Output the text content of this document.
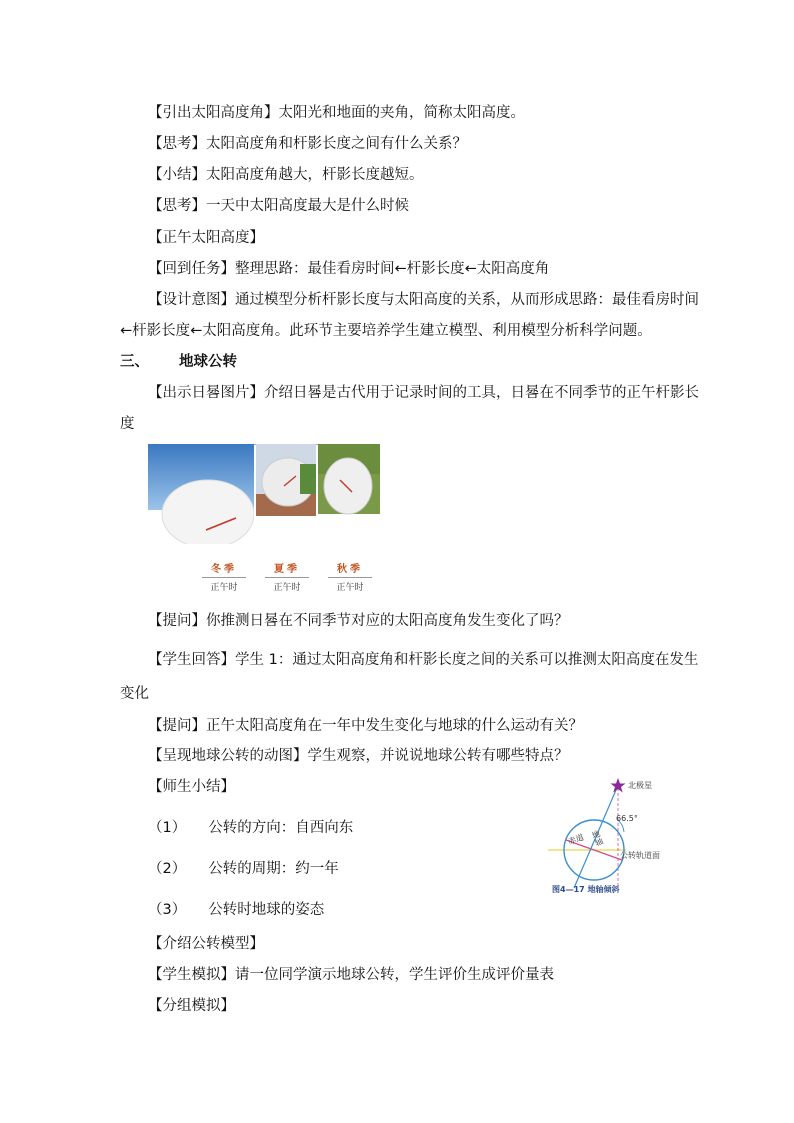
【引出太阳高度角】太阳光和地面的夹角，简称太阳高度。
【思考】太阳高度角和杆影长度之间有什么关系？
【小结】太阳高度角越大，杆影长度越短。
【思考】一天中太阳高度最大是什么时候
【正午太阳高度】
【回到任务】整理思路：最佳看房时间←杆影长度←太阳高度角
【设计意图】通过模型分析杆影长度与太阳高度的关系，从而形成思路：最佳看房时间
←杆影长度←太阳高度角。此环节主要培养学生建立模型、利用模型分析科学问题。
三、 地球公转
【出示日晷图片】介绍日晷是古代用于记录时间的工具，日晷在不同季节的正午杆影长
度
冬季
正午时
夏季
正午时
秋季
正午时
【提问】你推测日晷在不同季节对应的太阳高度角发生变化了吗？
【学生回答】学生 1：通过太阳高度角和杆影长度之间的关系可以推测太阳高度在发生
变化
【提问】正午太阳高度角在一年中发生变化与地球的什么运动有关？
【呈现地球公转的动图】学生观察，并说说地球公转有哪些特点？
【师生小结】
（1） 公转的方向：自西向东
（2） 公转的周期：约一年
（3） 公转时地球的姿态
【介绍公转模型】
【学生模拟】请一位同学演示地球公转，学生评价生成评价量表
【分组模拟】
北极星
66.5°
赤道 地轴
公转轨道面
图4—17 地轴倾斜
